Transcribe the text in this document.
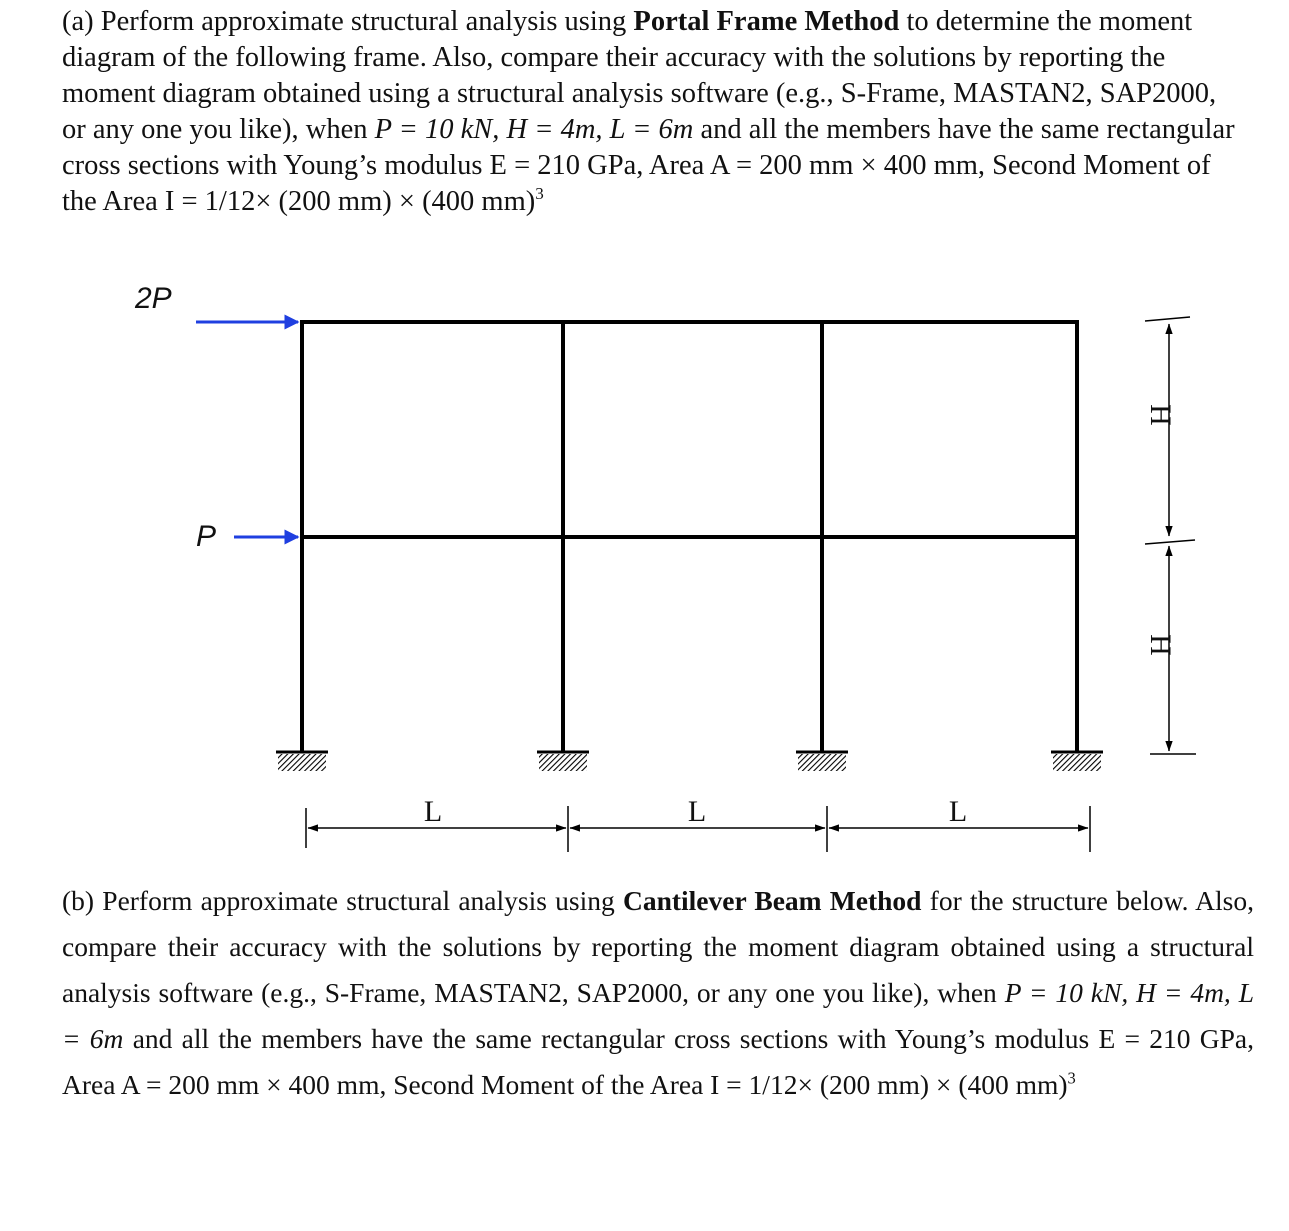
(a) Perform approximate structural analysis using Portal Frame Method to determine the moment diagram of the following frame. Also, compare their accuracy with the solutions by reporting the moment diagram obtained using a structural analysis software (e.g., S-Frame, MASTAN2, SAP2000, or any one you like), when P = 10 kN, H = 4m, L = 6m and all the members have the same rectangular cross sections with Young’s modulus E = 210 GPa, Area A = 200 mm × 400 mm, Second Moment of the Area I = 1/12× (200 mm) × (400 mm)$^3$
2P
P
H
H
L	L	L
(b) Perform approximate structural analysis using Cantilever Beam Method for the structure below. Also, compare their accuracy with the solutions by reporting the moment diagram obtained using a structural analysis software (e.g., S-Frame, MASTAN2, SAP2000, or any one you like), when P = 10 kN, H = 4m, L = 6m and all the members have the same rectangular cross sections with Young’s modulus E = 210 GPa, Area A = 200 mm × 400 mm, Second Moment of the Area I = 1/12× (200 mm) × (400 mm)$^3$
